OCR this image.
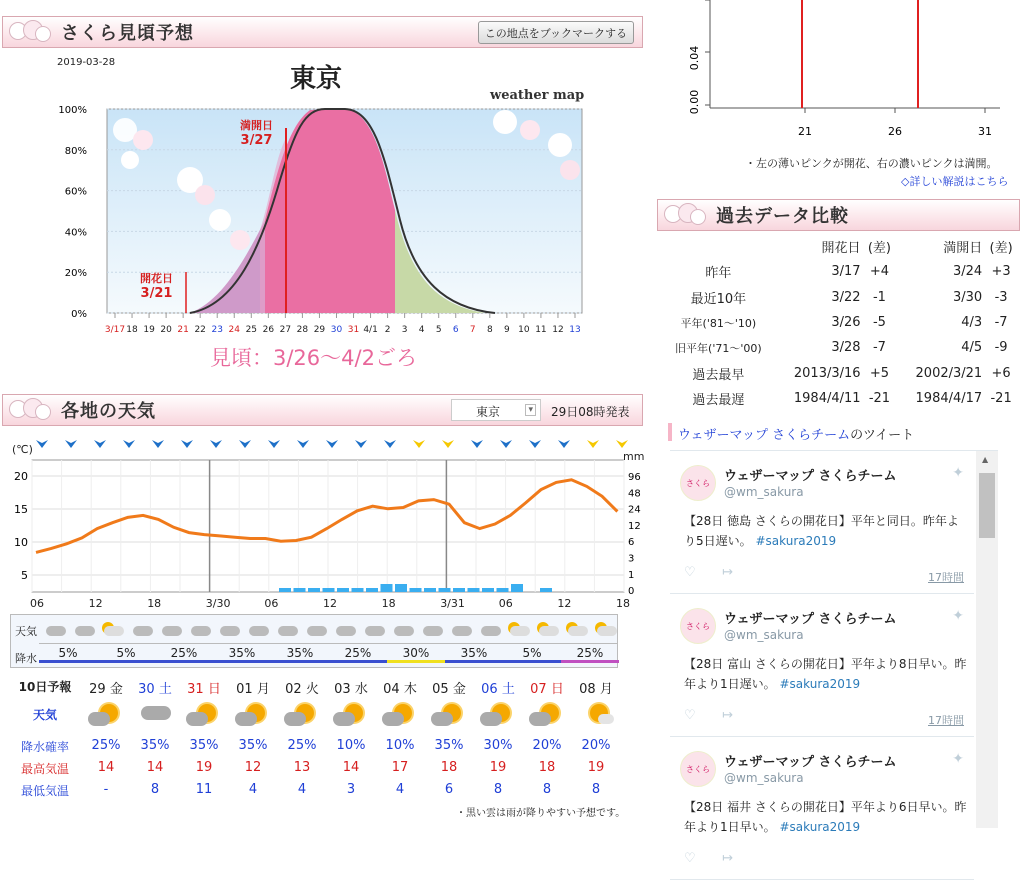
さくら見頃予想	この地点をブックマークする
2019-03-28
東京
weather map
100%
80%
60%
40%
20%
0%
3/17 18 19 20 21 22 23 24 25 26 27 28 29 30 31 4/1 2 3 4 5 6 7 8 9 10 11 12 13
満開日
3/27
開花日
3/21
見頃：3/26～4/2ごろ
各地の天気	東京	▾ 29日08時発表
20
15
10
5
96
48
24
12
6
3
1
0
(℃)
mm
06	12	18	3/30	06	12	18	3/31	06	12	18
天気
降水	5%	5%	25%	35%	35%	25%	30%	35%	5%	25%
10日予報	29 金	30 土	31 日	01 月	02 火	03 水	04 木	05 金	06 土	07 日	08 月
天気
降水確率	25%	35%	35%	35%	25%	10%	10%	35%	30%	20%	20%
最高気温	14	14	19	12	13	14	17	18	19	18	19
最低気温	-	8	11	4	4	3	4	6	8	8	8
・黒い雲は雨が降りやすい予想です。
0.04
0.00
21	26	31
・左の薄いピンクが開花、右の濃いピンクは満開。
◇詳しい解説はこちら
過去データ比較
	開花日	(差)	満開日	(差)
昨年	3/17	+4	3/24	+3
最近10年	3/22	-1	3/30	-3
平年('81～'10)	3/26	-5	4/3	-7
旧平年('71～'00)	3/28	-7	4/5	-9
過去最早	2013/3/16	+5	2002/3/21	+6
過去最遅	1984/4/11	-21	1984/4/17	-21
ウェザーマップ さくらチームのツイート
さくら	ウェザーマップ さくらチーム
@wm_sakura
✦
【28日 徳島 さくらの開花日】平年と同日。昨年より5日遅い。 #sakura2019
♡ ↦	17時間
さくら	ウェザーマップ さくらチーム
@wm_sakura
✦
【28日 富山 さくらの開花日】平年より8日早い。昨年より1日遅い。 #sakura2019
♡ ↦	17時間
さくら	ウェザーマップ さくらチーム
@wm_sakura
✦
【28日 福井 さくらの開花日】平年より6日早い。昨年より1日早い。 #sakura2019
♡ ↦
▲
